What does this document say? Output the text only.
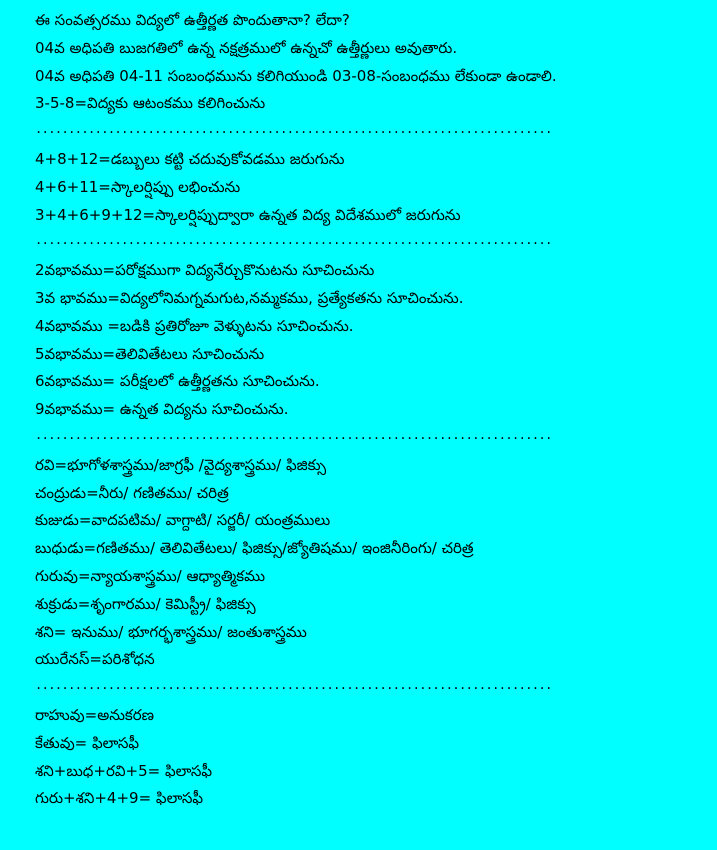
ఈ సంవత్సరము విద్యలో ఉత్తీర్ణత పొందుతానా? లేదా?
04వ అధిపతి బుజగతిలో ఉన్న నక్షత్రములో ఉన్నచో ఉత్తీర్ణులు అవుతారు.
04వ అధిపతి 04-11 సంబంధమును కలిగియుండి 03-08-సంబంధము లేకుండా ఉండాలి.
3-5-8=విద్యకు ఆటంకము కలిగించును
..............................................................................
4+8+12=డబ్బులు కట్టి చదువుకోవడము జరుగును
4+6+11=స్కాలర్షిప్పు లభించును
3+4+6+9+12=స్కాలర్షిప్పుద్వారా ఉన్నత విద్య విదేశములో జరుగును
..............................................................................
2వభావము=పరోక్షముగా విద్యనేర్చుకొనుటను సూచించును
3వ భావము=విద్యలోనిమగ్నమగుట,నమ్మకము, ప్రత్యేకతను సూచించును.
4వభావము =బడికి ప్రతిరోజూ వెళ్ళుటను సూచించును.
5వభావము=తెలివితేటలు సూచించును
6వభావము= పరీక్షలలో ఉత్తీర్ణతను సూచించును.
9వభావము= ఉన్నత విద్యను సూచించును.
..............................................................................
రవి=భూగోళశాస్త్రము/జాగ్రఫీ /వైద్యశాస్త్రము/ ఫిజిక్సు
చంద్రుడు=నీరు/ గణితము/ చరిత్ర
కుజుడు=వాదపటిమ/ వాగ్దాటి/ సర్జరీ/ యంత్రములు
బుధుడు=గణితము/ తెలివితేటలు/ ఫిజిక్సు/జ్యోతిషము/ ఇంజినీరింగు/ చరిత్ర
గురువు=న్యాయశాస్త్రము/ ఆధ్యాత్మికము
శుక్రుడు=శృంగారము/ కెమిస్ట్రీ/ ఫిజిక్సు
శని= ఇనుము/ భూగర్భశాస్త్రము/ జంతుశాస్త్రము
యురేనస్=పరిశోధన
..............................................................................
రాహువు=అనుకరణ
కేతువు= ఫిలాసఫీ
శని+బుధ+రవి+5= ఫిలాసఫీ
గురు+శని+4+9= ఫిలాసఫీ
